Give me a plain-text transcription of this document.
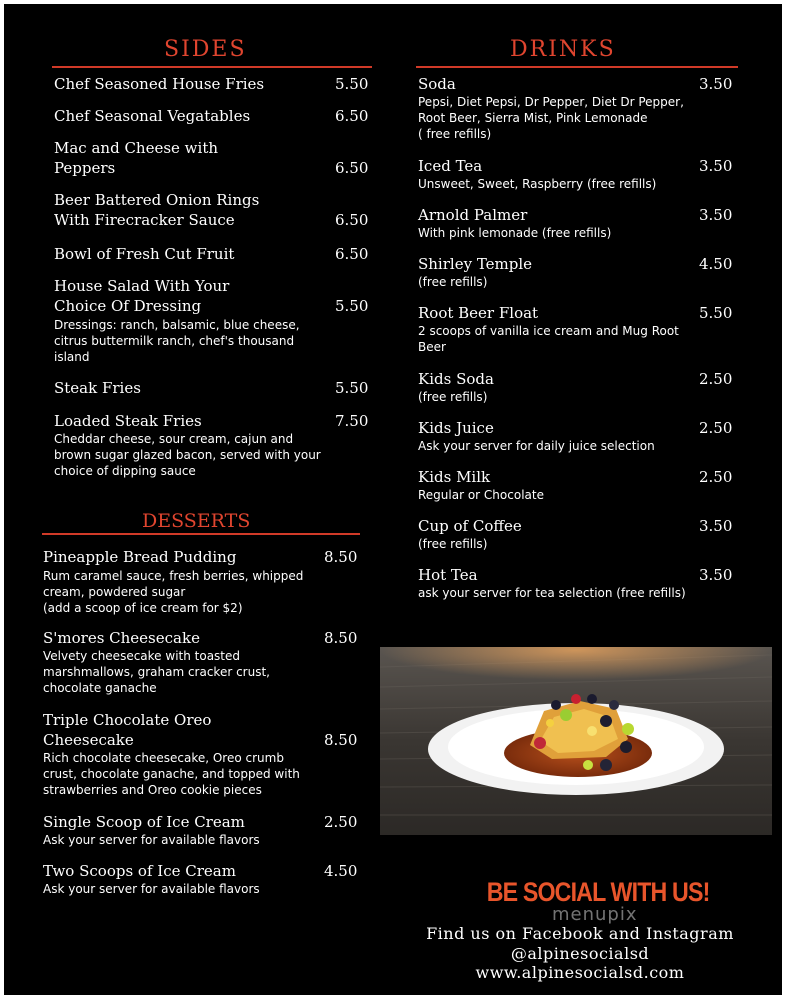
SIDES
Chef Seasoned House Fries	5.50
Chef Seasonal Vegatables	6.50
Mac and Cheese with
Peppers	6.50
Beer Battered Onion Rings
With Firecracker Sauce	6.50
Bowl of Fresh Cut Fruit	6.50
House Salad With Your
Choice Of Dressing	5.50
Dressings: ranch, balsamic, blue cheese,
citrus buttermilk ranch, chef's thousand
island
Steak Fries	5.50
Loaded Steak Fries	7.50
Cheddar cheese, sour cream, cajun and
brown sugar glazed bacon, served with your
choice of dipping sauce
DESSERTS
Pineapple Bread Pudding	8.50
Rum caramel sauce, fresh berries, whipped
cream, powdered sugar
(add a scoop of ice cream for $2)
S'mores Cheesecake	8.50
Velvety cheesecake with toasted
marshmallows, graham cracker crust,
chocolate ganache
Triple Chocolate Oreo
Cheesecake	8.50
Rich chocolate cheesecake, Oreo crumb
crust, chocolate ganache, and topped with
strawberries and Oreo cookie pieces
Single Scoop of Ice Cream	2.50
Ask your server for available flavors
Two Scoops of Ice Cream	4.50
Ask your server for available flavors
DRINKS
Soda	3.50
Pepsi, Diet Pepsi, Dr Pepper, Diet Dr Pepper,
Root Beer, Sierra Mist, Pink Lemonade
( free refills)
Iced Tea	3.50
Unsweet, Sweet, Raspberry (free refills)
Arnold Palmer	3.50
With pink lemonade (free refills)
Shirley Temple	4.50
(free refills)
Root Beer Float	5.50
2 scoops of vanilla ice cream and Mug Root
Beer
Kids Soda	2.50
(free refills)
Kids Juice	2.50
Ask your server for daily juice selection
Kids Milk	2.50
Regular or Chocolate
Cup of Coffee	3.50
(free refills)
Hot Tea	3.50
ask your server for tea selection (free refills)
BE SOCIAL WITH US!
menupix
Find us on Facebook and Instagram
@alpinesocialsd
www.alpinesocialsd.com
